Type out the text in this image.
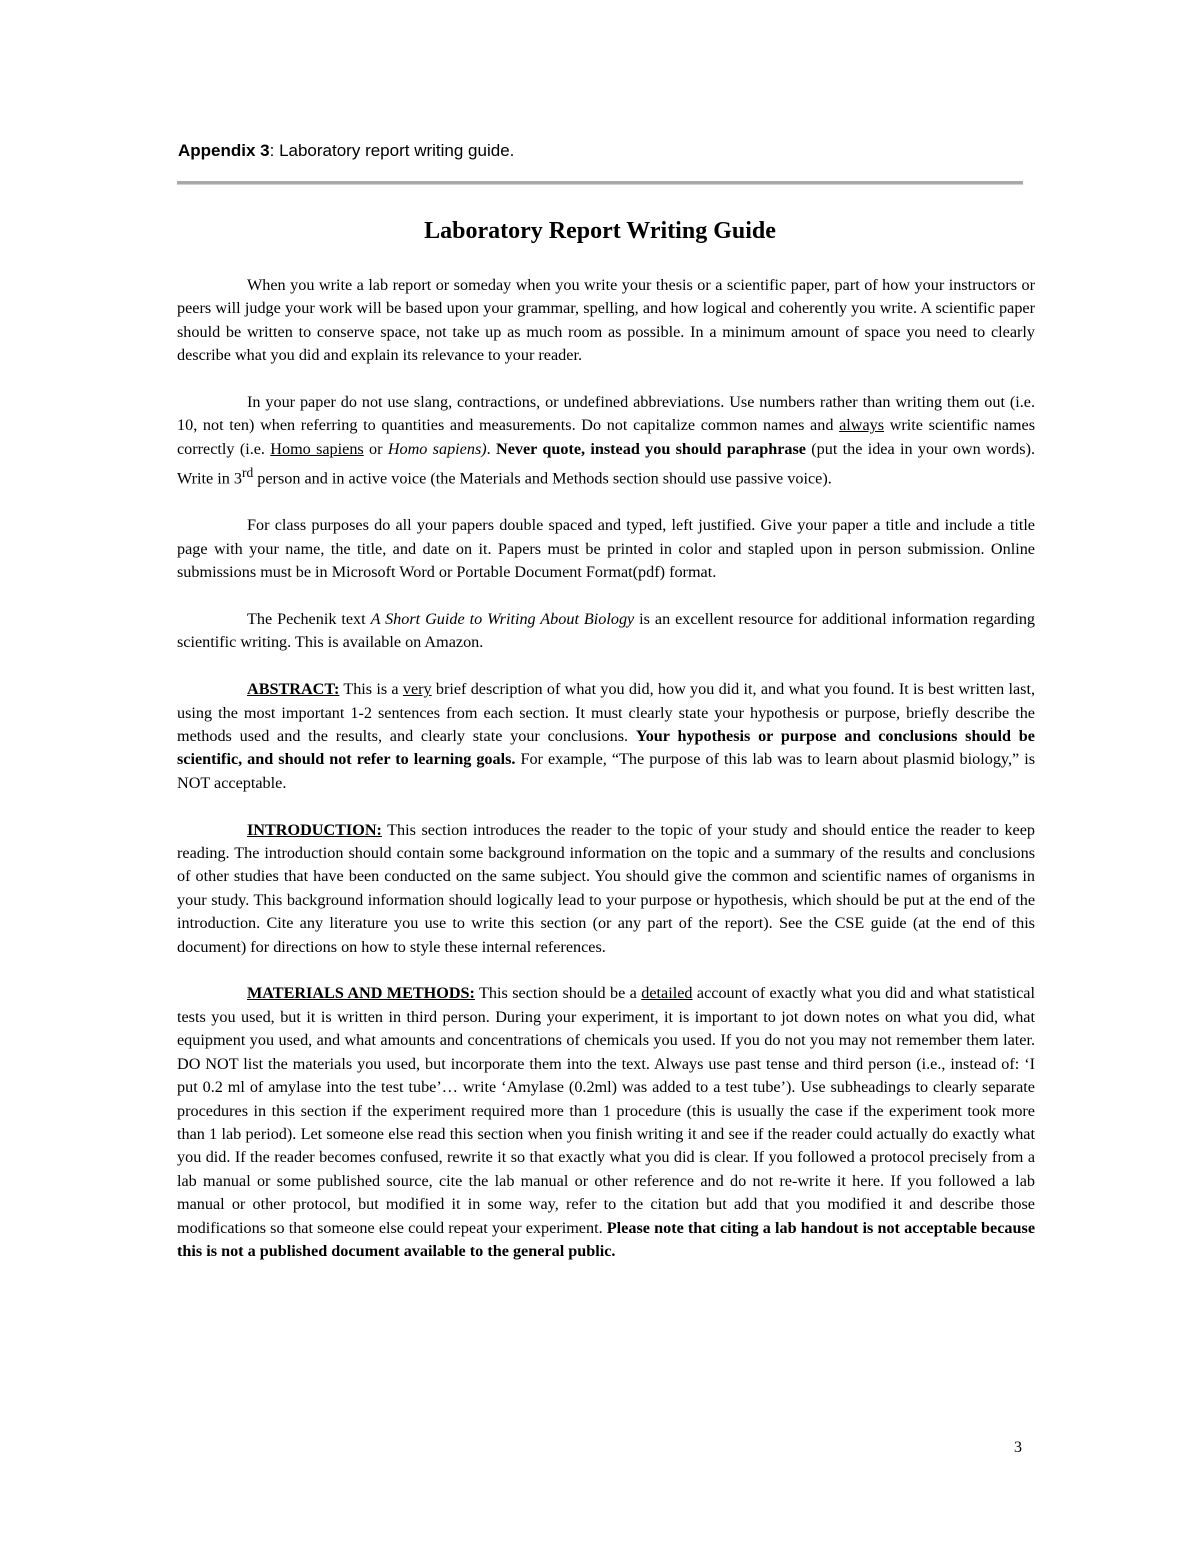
Appendix 3: Laboratory report writing guide.
Laboratory Report Writing Guide

When you write a lab report or someday when you write your thesis or a scientific paper, part of how your instructors or peers will judge your work will be based upon your grammar, spelling, and how logical and coherently you write. A scientific paper should be written to conserve space, not take up as much room as possible. In a minimum amount of space you need to clearly describe what you did and explain its relevance to your reader.

In your paper do not use slang, contractions, or undefined abbreviations. Use numbers rather than writing them out (i.e. 10, not ten) when referring to quantities and measurements. Do not capitalize common names and always write scientific names correctly (i.e. Homo sapiens or Homo sapiens). Never quote, instead you should paraphrase (put the idea in your own words). Write in 3rd person and in active voice (the Materials and Methods section should use passive voice).

For class purposes do all your papers double spaced and typed, left justified. Give your paper a title and include a title page with your name, the title, and date on it. Papers must be printed in color and stapled upon in person submission. Online submissions must be in Microsoft Word or Portable Document Format(pdf) format.

The Pechenik text A Short Guide to Writing About Biology is an excellent resource for additional information regarding scientific writing. This is available on Amazon.

ABSTRACT: This is a very brief description of what you did, how you did it, and what you found. It is best written last, using the most important 1-2 sentences from each section. It must clearly state your hypothesis or purpose, briefly describe the methods used and the results, and clearly state your conclusions. Your hypothesis or purpose and conclusions should be scientific, and should not refer to learning goals. For example, “The purpose of this lab was to learn about plasmid biology,” is NOT acceptable.

INTRODUCTION: This section introduces the reader to the topic of your study and should entice the reader to keep reading. The introduction should contain some background information on the topic and a summary of the results and conclusions of other studies that have been conducted on the same subject. You should give the common and scientific names of organisms in your study. This background information should logically lead to your purpose or hypothesis, which should be put at the end of the introduction. Cite any literature you use to write this section (or any part of the report). See the CSE guide (at the end of this document) for directions on how to style these internal references.

MATERIALS AND METHODS: This section should be a detailed account of exactly what you did and what statistical tests you used, but it is written in third person. During your experiment, it is important to jot down notes on what you did, what equipment you used, and what amounts and concentrations of chemicals you used. If you do not you may not remember them later. DO NOT list the materials you used, but incorporate them into the text. Always use past tense and third person (i.e., instead of: ‘I put 0.2 ml of amylase into the test tube’… write ‘Amylase (0.2ml) was added to a test tube’). Use subheadings to clearly separate procedures in this section if the experiment required more than 1 procedure (this is usually the case if the experiment took more than 1 lab period). Let someone else read this section when you finish writing it and see if the reader could actually do exactly what you did. If the reader becomes confused, rewrite it so that exactly what you did is clear. If you followed a protocol precisely from a lab manual or some published source, cite the lab manual or other reference and do not re-write it here. If you followed a lab manual or other protocol, but modified it in some way, refer to the citation but add that you modified it and describe those modifications so that someone else could repeat your experiment. Please note that citing a lab handout is not acceptable because this is not a published document available to the general public.

3
